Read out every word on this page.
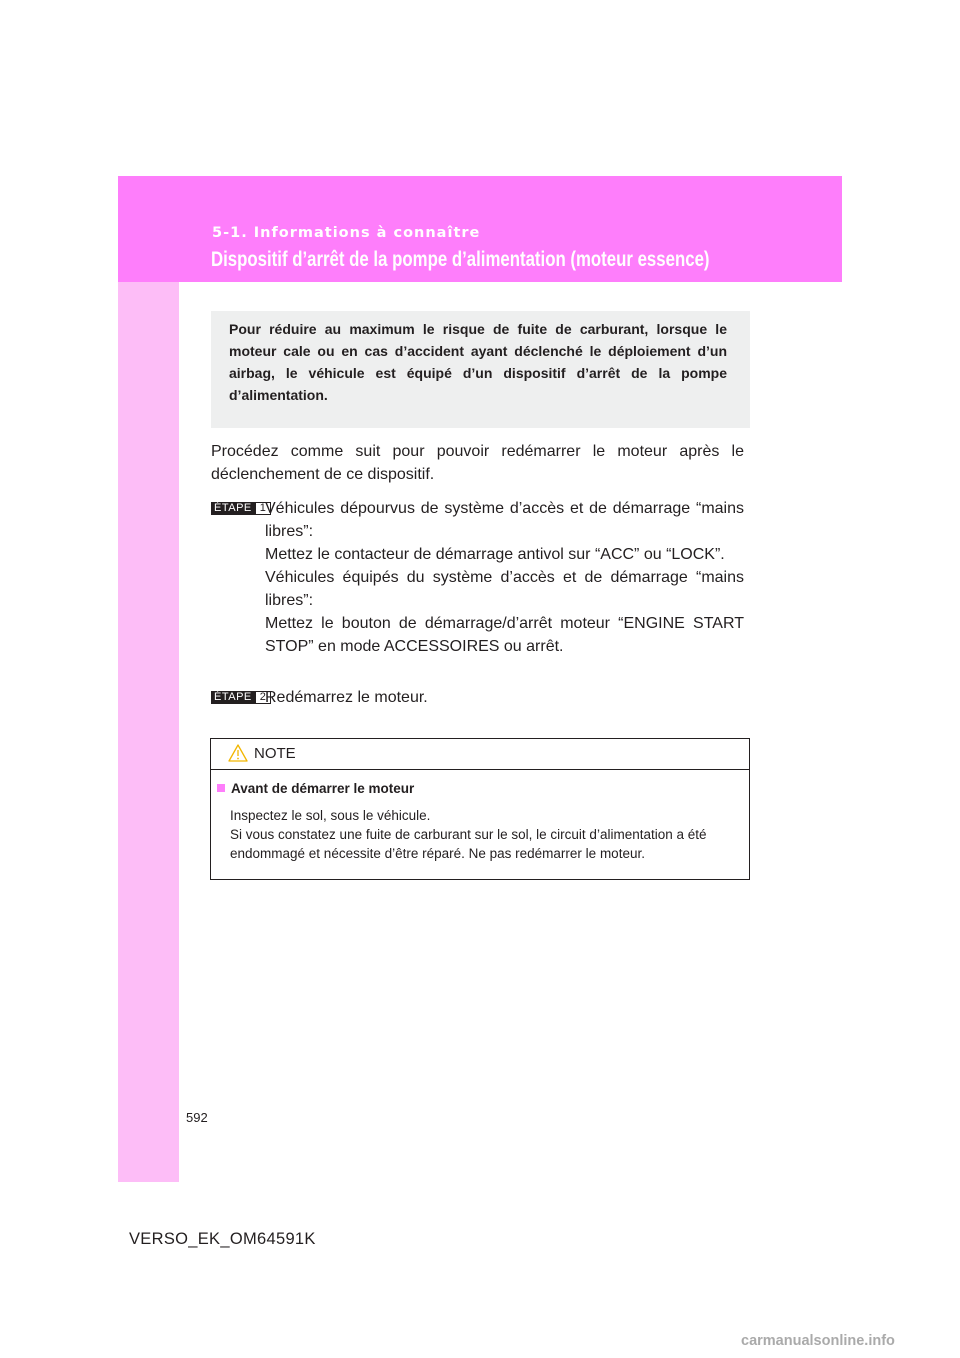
5-1. Informations à connaître
Dispositif d’arrêt de la pompe d’alimentation (moteur essence)
Pour réduire au maximum le risque de fuite de carburant, lorsque le moteur cale ou en cas d’accident ayant déclenché le déploiement d’un airbag, le véhicule est équipé d’un dispositif d’arrêt de la pompe d’alimentation.
Procédez comme suit pour pouvoir redémarrer le moteur après le déclenchement de ce dispositif.
ÉTAPE 1 Véhicules dépourvus de système d’accès et de démarrage “mains libres”:

Mettez le contacteur de démarrage antivol sur “ACC” ou “LOCK”.

Véhicules équipés du système d’accès et de démarrage “mains libres”:

Mettez le bouton de démarrage/d’arrêt moteur “ENGINE START STOP” en mode ACCESSOIRES ou arrêt.

ÉTAPE 2 Redémarrez le moteur.

NOTE
Avant de démarrer le moteur

Inspectez le sol, sous le véhicule.

Si vous constatez une fuite de carburant sur le sol, le circuit d’alimentation a été endommagé et nécessite d’être réparé. Ne pas redémarrer le moteur.

592
VERSO_EK_OM64591K
carmanualsonline.info
